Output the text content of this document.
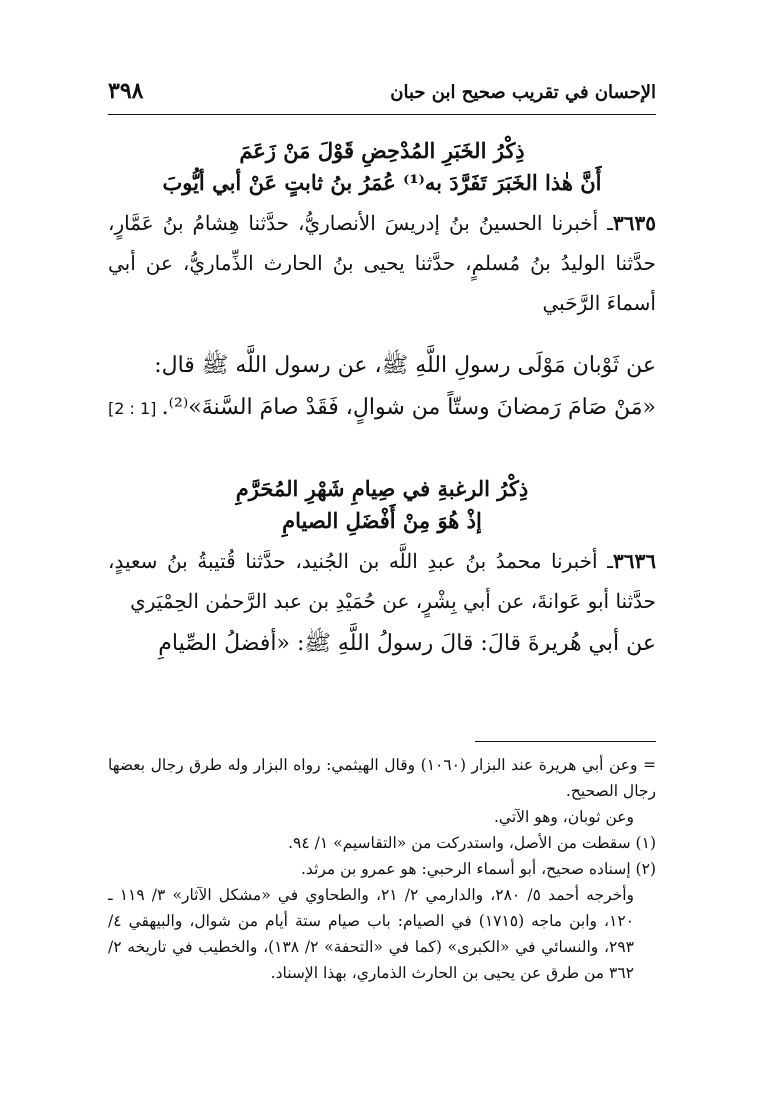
الإحسان في تقريب صحيح ابن حبان
٣٩٨

ذِكْرُ الخَبَرِ المُدْحِضِ قَوْلَ مَنْ زَعَمَ

أَنَّ هٰذا الخَبَرَ تَفَرَّدَ به⁽¹⁾ عُمَرُ بنُ ثابتٍ عَنْ أبي أيُّوبَ

٣٦٣٥ـ أخبرنا الحسينُ بنُ إدريسَ الأنصاريُّ، حدَّثنا هِشامُ بنُ عَمَّارٍ، حدَّثنا الوليدُ بنُ مُسلمٍ، حدَّثنا يحيى بنُ الحارث الذِّماريُّ، عن أبي أسماءَ الرَّحَبي

عن ثَوْبان مَوْلَى رسولِ اللَّهِ ﷺ، عن رسول اللَّه ﷺ قال:

«مَنْ صَامَ رَمضانَ وستّاً من شوالٍ، فَقَدْ صامَ السَّنةَ»⁽²⁾.

[2 : 1]

ذِكْرُ الرغبةِ في صِيامِ شَهْرِ المُحَرَّمِ

إذْ هُوَ مِنْ أَفْضَلِ الصيامِ

٣٦٣٦ـ أخبرنا محمدُ بنُ عبدِ اللَّه بن الجُنيد، حدَّثنا قُتيبةُ بنُ سعيدٍ، حدَّثنا أبو عَوانةَ، عن أبي بِشْرٍ، عن حُمَيْدِ بن عبد الرَّحمٰن الحِمْيَري

عن أبي هُريرةَ قالَ: قالَ رسولُ اللَّهِ ﷺ: «أفضلُ الصِّيامِ

= وعن أبي هريرة عند البزار (١٠٦٠) وقال الهيثمي: رواه البزار وله طرق رجال بعضها رجال الصحيح.

وعن ثوبان، وهو الآتي.

(١) سقطت من الأصل، واستدركت من «التقاسيم» ١/ ٩٤.

(٢) إسناده صحيح، أبو أسماء الرحبي: هو عمرو بن مرثد.

وأخرجه أحمد ٥/ ٢٨٠، والدارمي ٢/ ٢١، والطحاوي في «مشكل الآثار» ٣/ ١١٩ ـ ١٢٠، وابن ماجه (١٧١٥) في الصيام: باب صيام ستة أيام من شوال، والبيهقي ٤/ ٢٩٣، والنسائي في «الكبرى» (كما في «التحفة» ٢/ ١٣٨)، والخطيب في تاريخه ٢/ ٣٦٢ من طرق عن يحيى بن الحارث الذماري، بهذا الإسناد.
